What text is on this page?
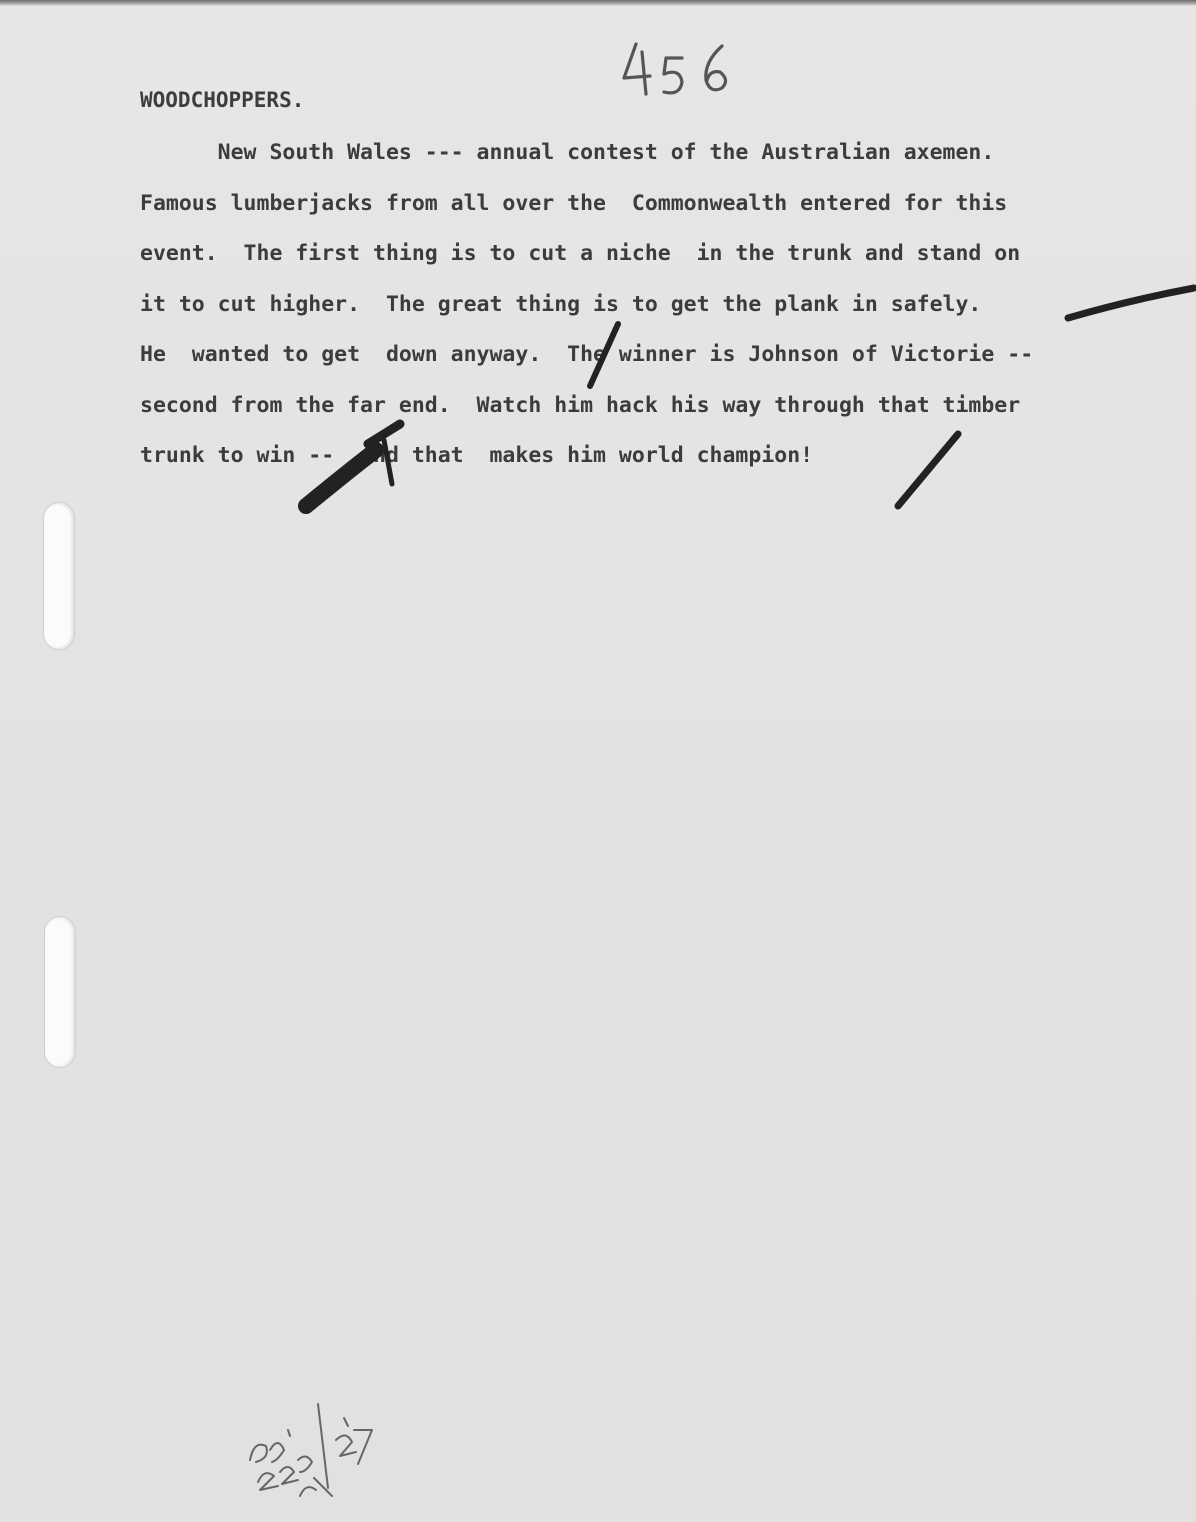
WOODCHOPPERS.
New South Wales --- annual contest of the Australian axemen.
Famous lumberjacks from all over the  Commonwealth entered for this
event.  The first thing is to cut a niche  in the trunk and stand on
it to cut higher.  The great thing is to get the plank in safely.
He  wanted to get  down anyway.  The winner is Johnson of Victorie --
second from the far end.  Watch him hack his way through that timber
trunk to win --  and that  makes him world champion!
